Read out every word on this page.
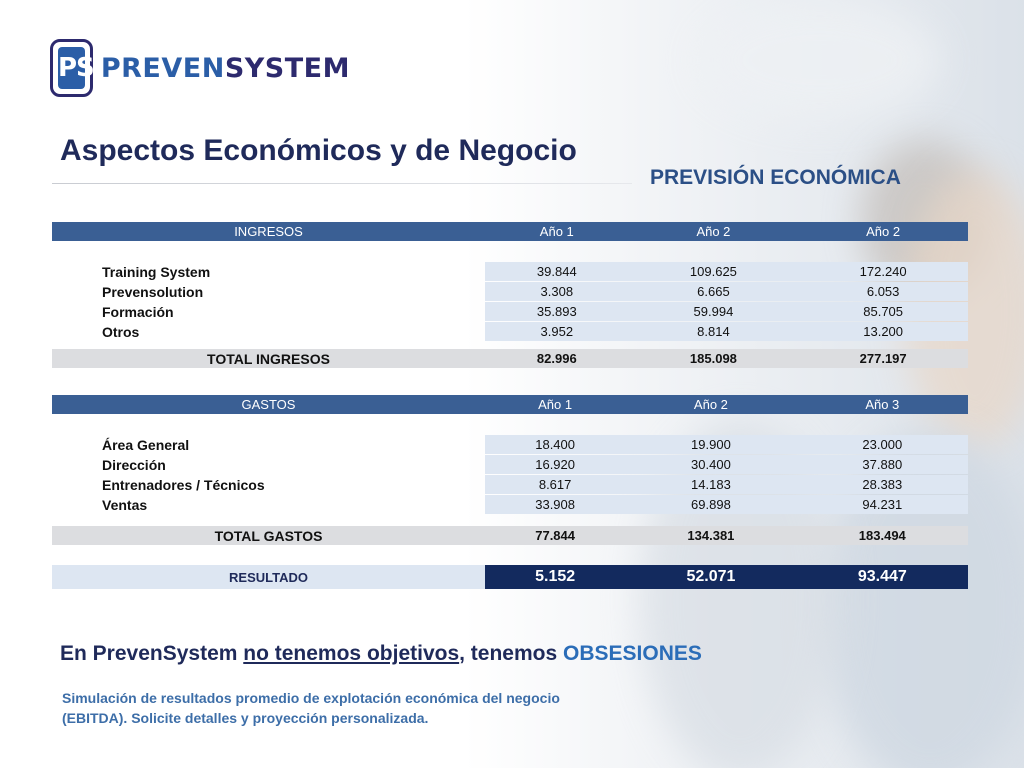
PS PREVENSYSTEM
Aspectos Económicos y de Negocio
PREVISIÓN ECONÓMICA
INGRESOS	Año 1	Año 2	Año 2

Training System	39.844	109.625	172.240
Prevensolution	3.308	6.665	6.053
Formación	35.893	59.994	85.705
Otros	3.952	8.814	13.200

TOTAL INGRESOS	82.996	185.098	277.197
GASTOS	Año 1	Año 2	Año 3

Área General	18.400	19.900	23.000
Dirección	16.920	30.400	37.880
Entrenadores / Técnicos	8.617	14.183	28.383
Ventas	33.908	69.898	94.231

TOTAL GASTOS	77.844	134.381	183.494

RESULTADO	5.152	52.071	93.447
En PrevenSystem no tenemos objetivos, tenemos OBSESIONES
Simulación de resultados promedio de explotación económica del negocio (EBITDA). Solicite detalles y proyección personalizada.
